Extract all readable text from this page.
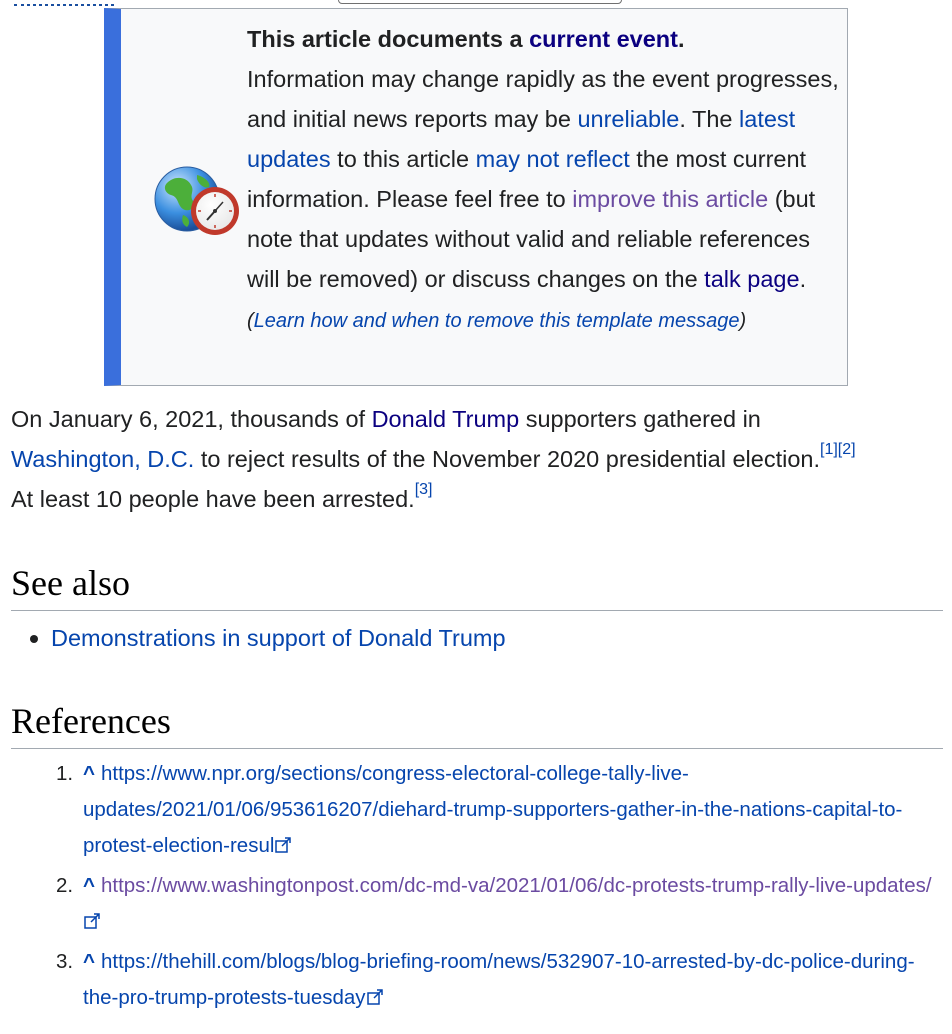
This article documents a current event.
Information may change rapidly as the event progresses, and initial news reports may be unreliable. The latest updates to this article may not reflect the most current information. Please feel free to improve this article (but note that updates without valid and reliable references will be removed) or discuss changes on the talk page. (Learn how and when to remove this template message)
On January 6, 2021, thousands of Donald Trump supporters gathered in
Washington, D.C. to reject results of the November 2020 presidential election.[1][2]
At least 10 people have been arrested.[3]
See also
Demonstrations in support of Donald Trump
References
1. ^ https://www.npr.org/sections/congress-electoral-college-tally-live-updates/2021/01/06/953616207/diehard-trump-supporters-gather-in-the-nations-capital-to-protest-election-resul
2. ^ https://www.washingtonpost.com/dc-md-va/2021/01/06/dc-protests-trump-rally-live-updates/
3. ^ https://thehill.com/blogs/blog-briefing-room/news/532907-10-arrested-by-dc-police-during-the-pro-trump-protests-tuesday
